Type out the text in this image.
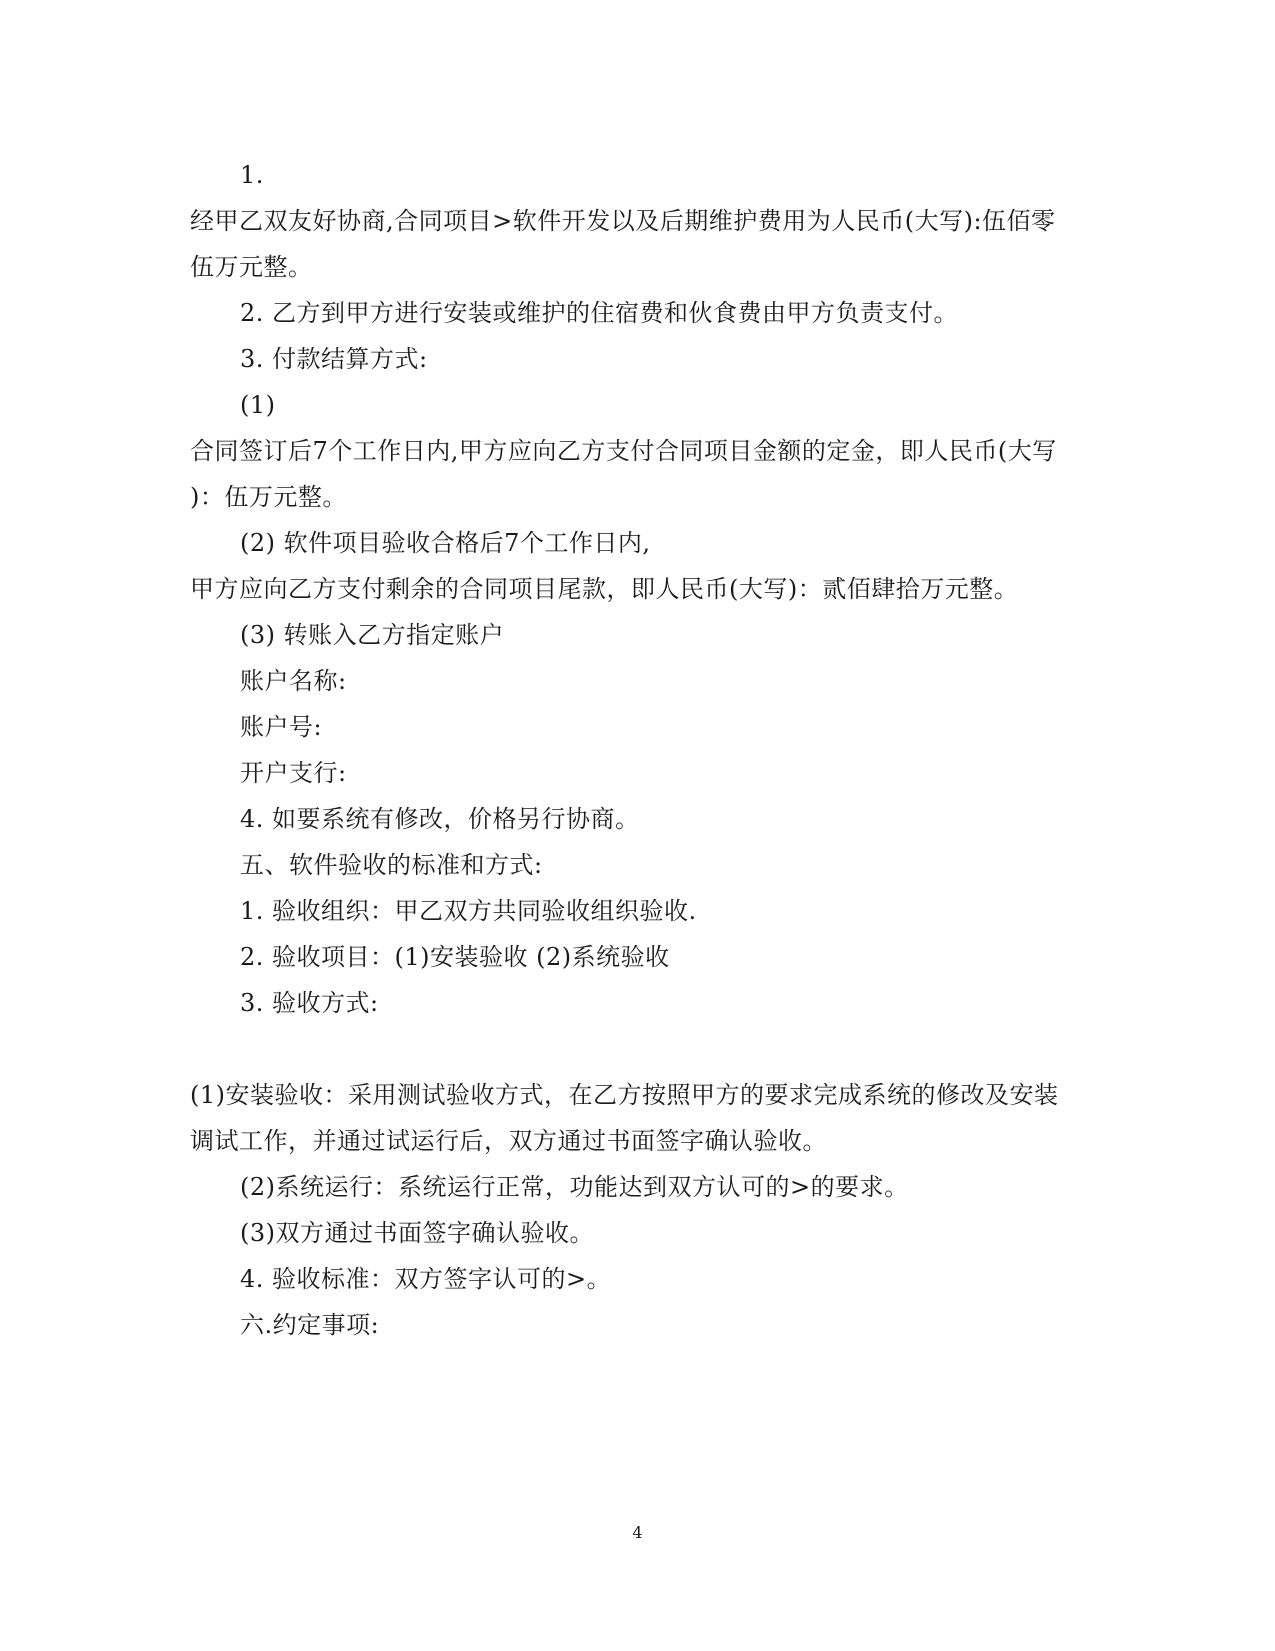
1.
经甲乙双友好协商,合同项目>软件开发以及后期维护费用为人民币(大写):伍佰零
伍万元整。
2. 乙方到甲方进行安装或维护的住宿费和伙食费由甲方负责支付。
3. 付款结算方式:
(1)
合同签订后7个工作日内,甲方应向乙方支付合同项目金额的定金，即人民币(大写
)：伍万元整。
(2) 软件项目验收合格后7个工作日内,
甲方应向乙方支付剩余的合同项目尾款，即人民币(大写)：贰佰肆拾万元整。
(3) 转账入乙方指定账户
账户名称:
账户号:
开户支行:
4. 如要系统有修改，价格另行协商。
五、软件验收的标准和方式:
1. 验收组织：甲乙双方共同验收组织验收.
2. 验收项目：(1)安装验收 (2)系统验收
3. 验收方式:
(1)安装验收：采用测试验收方式，在乙方按照甲方的要求完成系统的修改及安装
调试工作，并通过试运行后，双方通过书面签字确认验收。
(2)系统运行：系统运行正常，功能达到双方认可的>的要求。
(3)双方通过书面签字确认验收。
4. 验收标准：双方签字认可的>。
六.约定事项:
4
